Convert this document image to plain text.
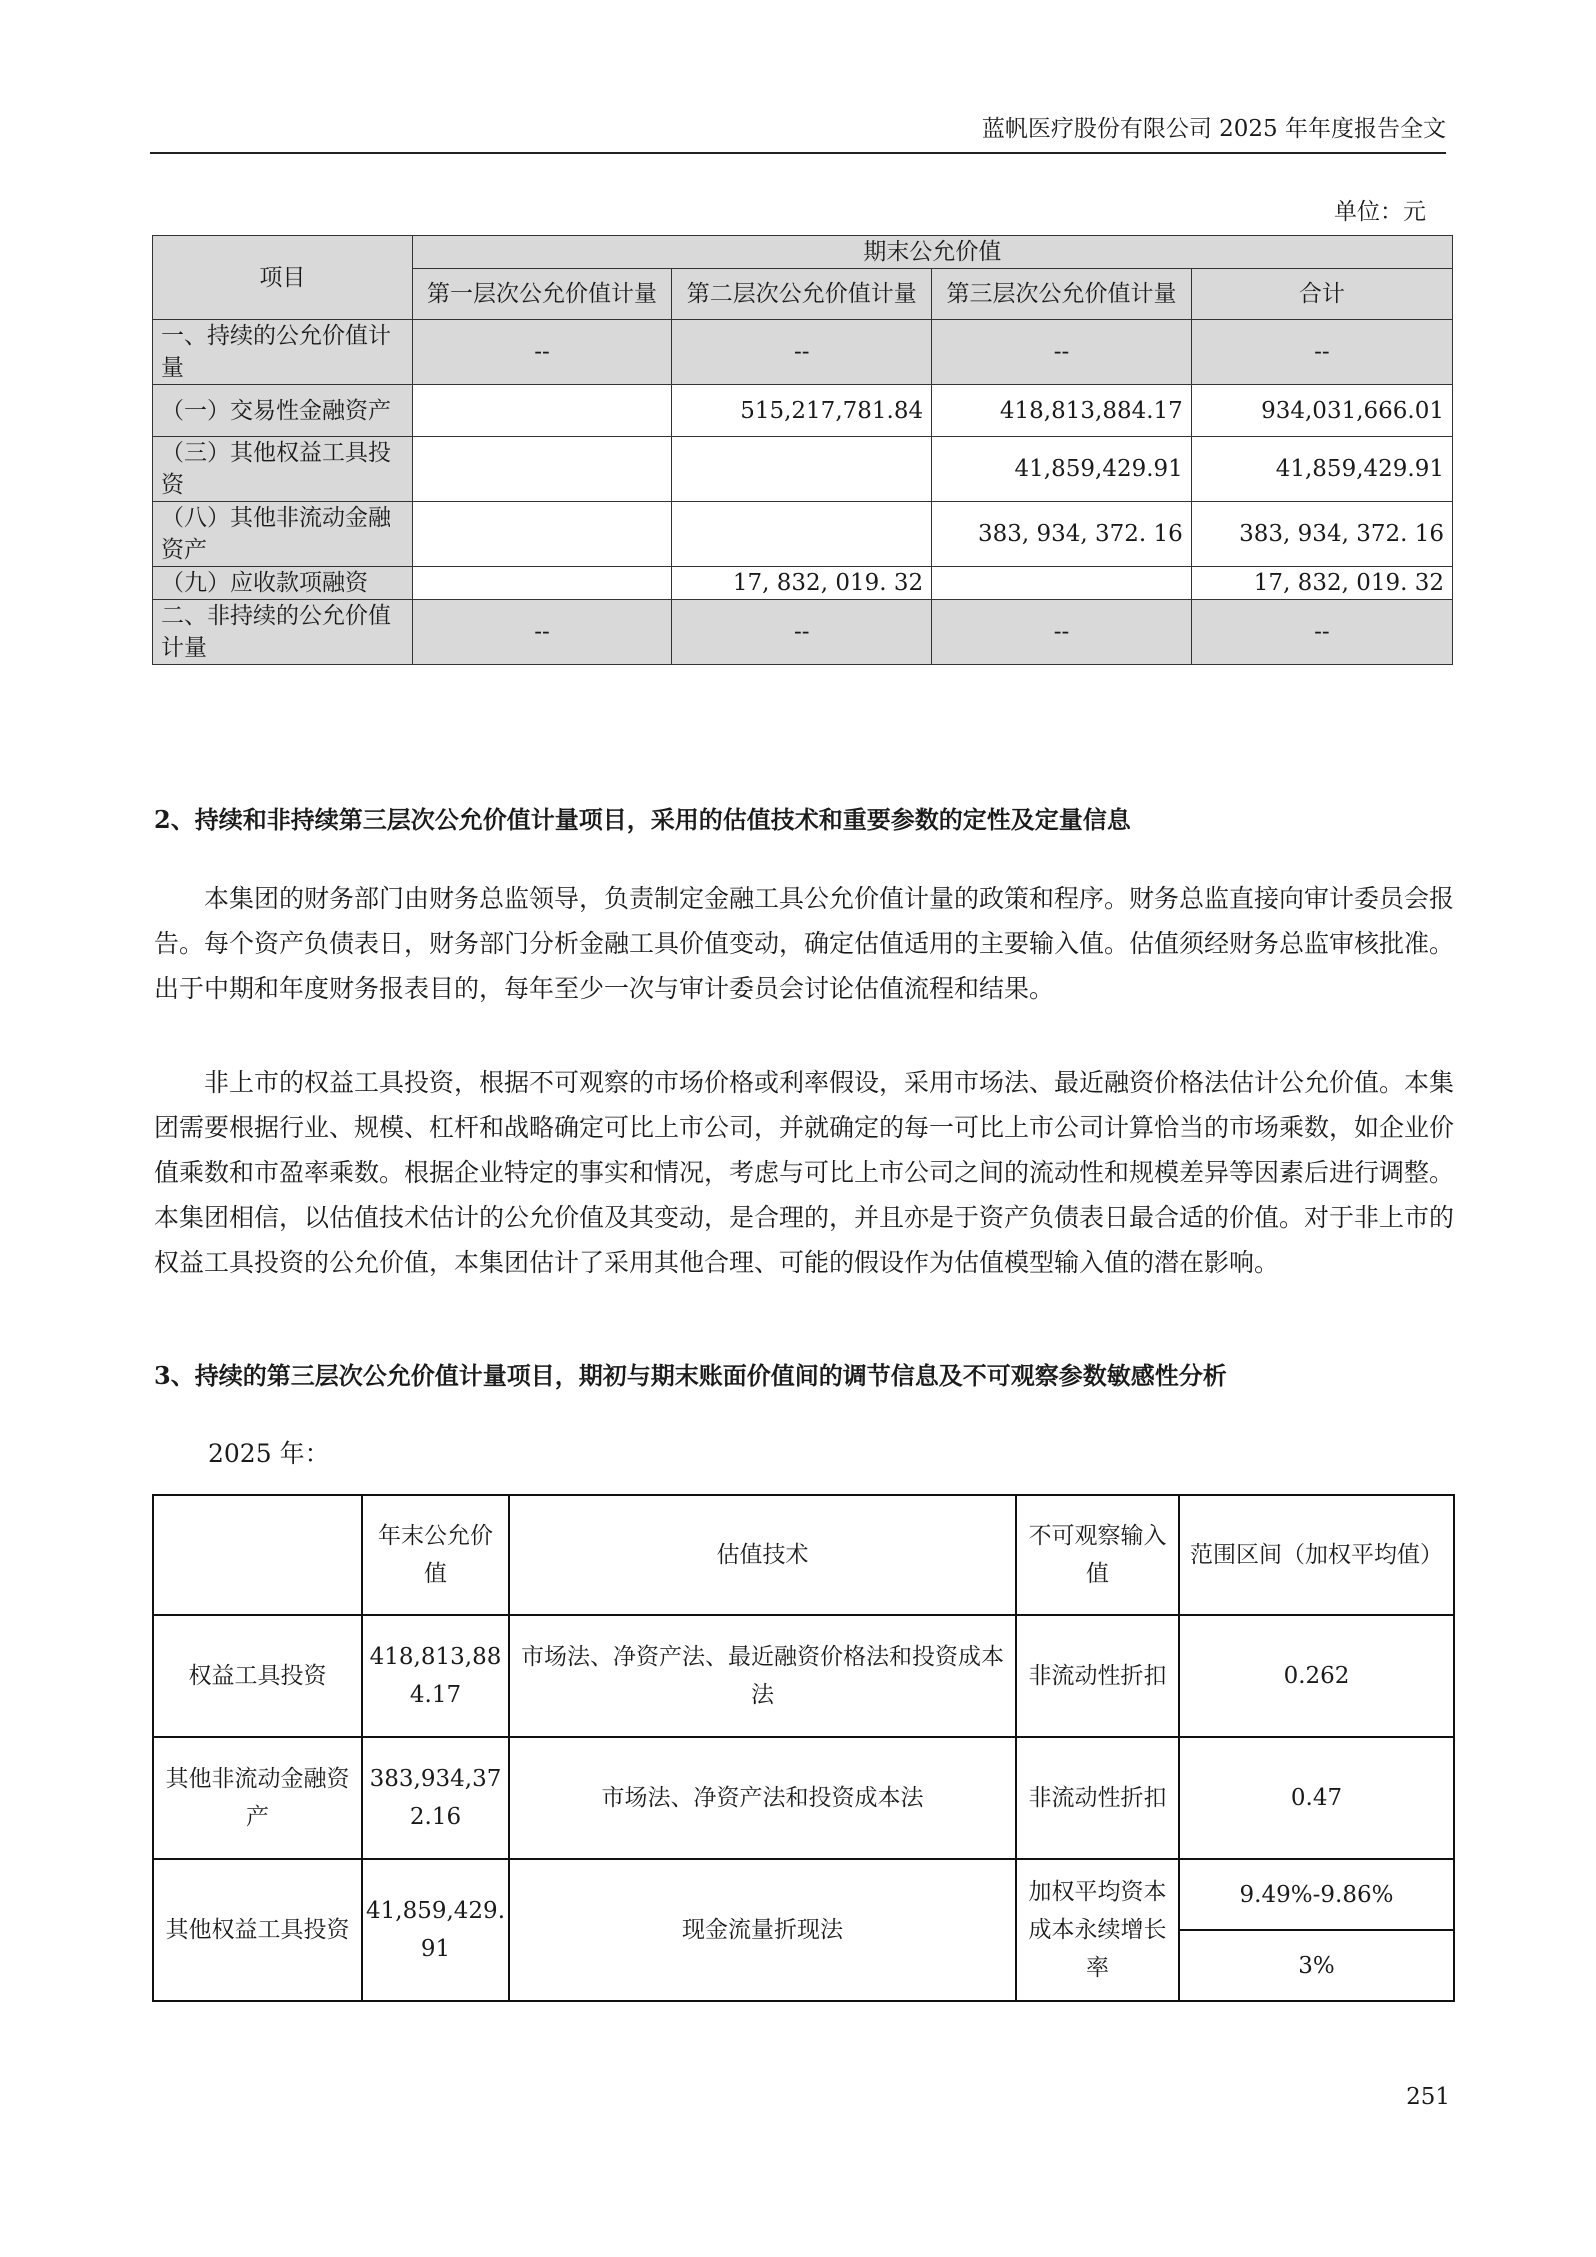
蓝帆医疗股份有限公司 2025 年年度报告全文
单位：元
项目	期末公允价值			
	第一层次公允价值计量	第二层次公允价值计量	第三层次公允价值计量	合计
一、持续的公允价值计量	--	--	--	--
（一）交易性金融资产		515,217,781.84	418,813,884.17	934,031,666.01
（三）其他权益工具投资			41,859,429.91	41,859,429.91
（八）其他非流动金融资产			383, 934, 372. 16	383, 934, 372. 16
（九）应收款项融资		17, 832, 019. 32		17, 832, 019. 32
二、非持续的公允价值计量	--	--	--	--
2、持续和非持续第三层次公允价值计量项目，采用的估值技术和重要参数的定性及定量信息

本集团的财务部门由财务总监领导，负责制定金融工具公允价值计量的政策和程序。财务总监直接向审计委员会报告。每个资产负债表日，财务部门分析金融工具价值变动，确定估值适用的主要输入值。估值须经财务总监审核批准。出于中期和年度财务报表目的，每年至少一次与审计委员会讨论估值流程和结果。

非上市的权益工具投资，根据不可观察的市场价格或利率假设，采用市场法、最近融资价格法估计公允价值。本集团需要根据行业、规模、杠杆和战略确定可比上市公司，并就确定的每一可比上市公司计算恰当的市场乘数，如企业价值乘数和市盈率乘数。根据企业特定的事实和情况，考虑与可比上市公司之间的流动性和规模差异等因素后进行调整。本集团相信，以估值技术估计的公允价值及其变动，是合理的，并且亦是于资产负债表日最合适的价值。对于非上市的权益工具投资的公允价值，本集团估计了采用其他合理、可能的假设作为估值模型输入值的潜在影响。

3、持续的第三层次公允价值计量项目，期初与期末账面价值间的调节信息及不可观察参数敏感性分析
2025 年：
	年末公允价值	估值技术	不可观察输入值	范围区间（加权平均值）
权益工具投资	418,813,884.17	市场法、净资产法、最近融资价格法和投资成本法	非流动性折扣	0.262
其他非流动金融资产	383,934,372.16	市场法、净资产法和投资成本法	非流动性折扣	0.47
其他权益工具投资	41,859,429.91	现金流量折现法	加权平均资本成本永续增长率	9.49%-9.86%
				3%
251
